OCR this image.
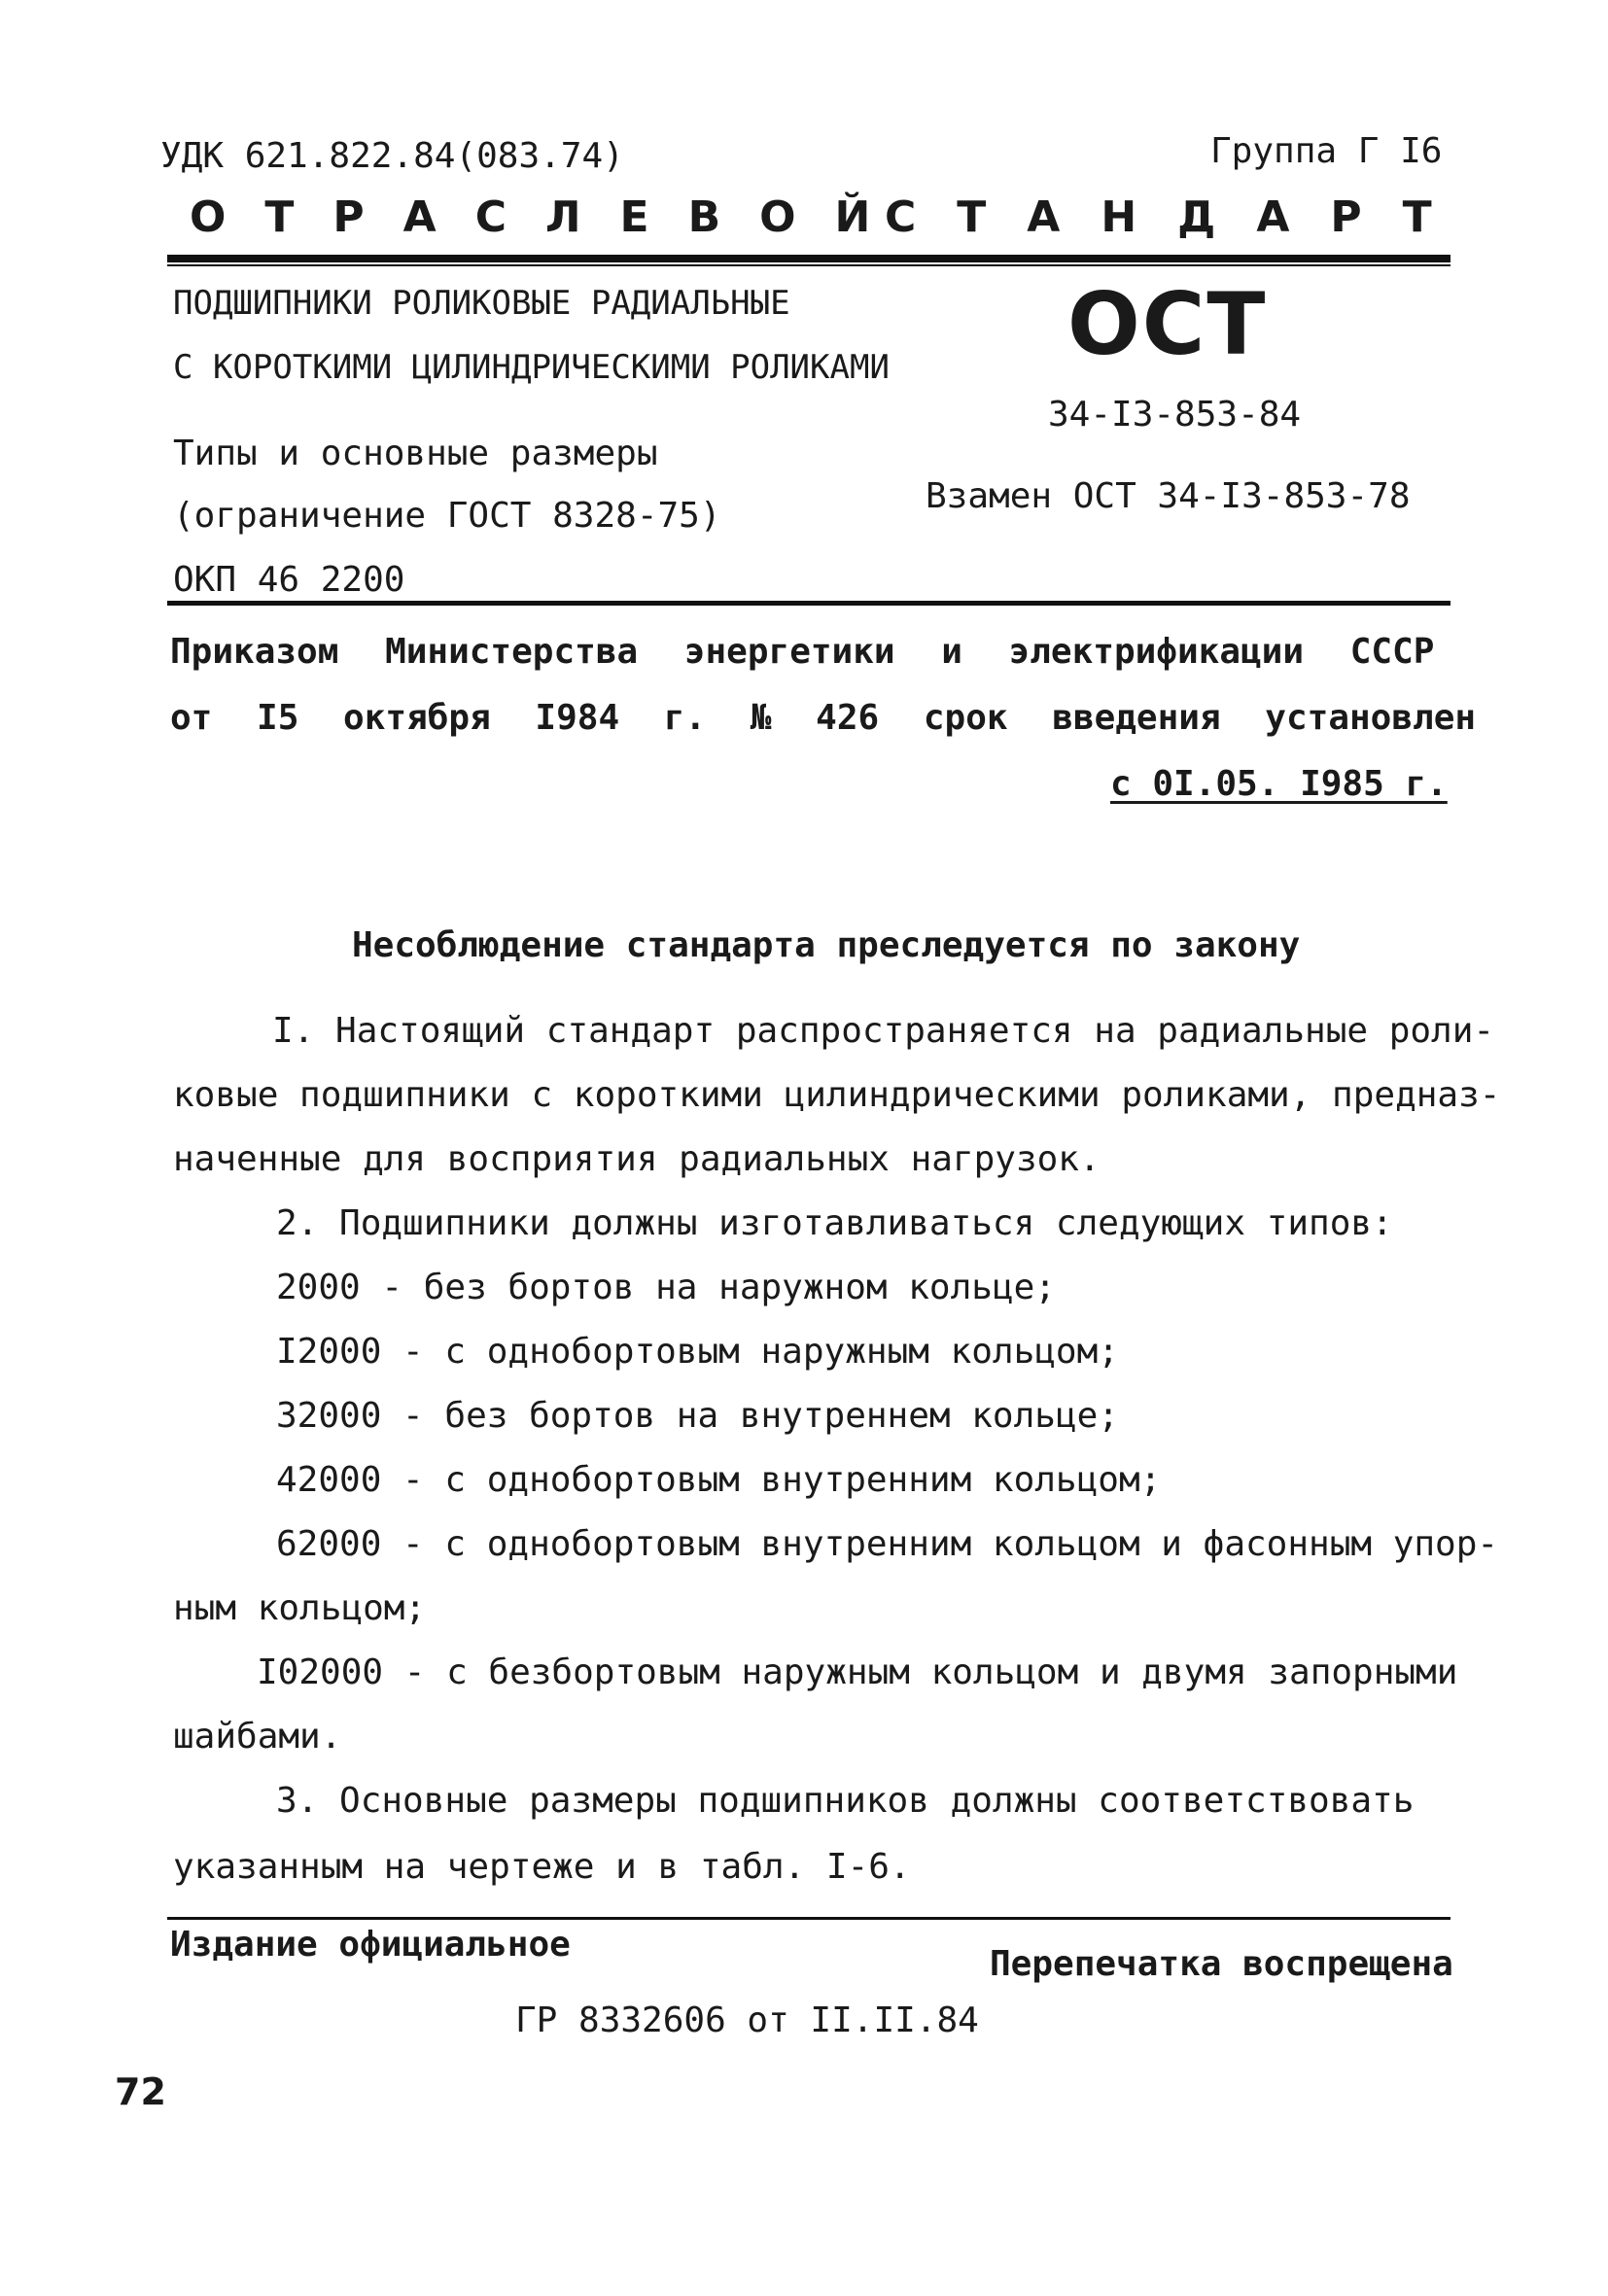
УДК 621.822.84(083.74)	Группа Г I6
ОТРАСЛЕВОЙ
СТАНДАРТ
ПОДШИПНИКИ РОЛИКОВЫЕ РАДИАЛЬНЫЕ
С КОРОТКИМИ ЦИЛИНДРИЧЕСКИМИ РОЛИКАМИ
Типы и основные размеры
(ограничение ГОСТ 8328-75)
ОКП 46 2200
ОСТ
34-I3-853-84
Взамен ОСТ 34-I3-853-78
Приказом Министерства энергетики и электрификации СССР
от I5 октября I984 г. № 426 срок введения установлен
с 0I.05. I985 г.
Несоблюдение стандарта преследуется по закону
I. Настоящий стандарт распространяется на радиальные роли-
ковые подшипники с короткими цилиндрическими роликами, предназ-
наченные для восприятия радиальных нагрузок.
2. Подшипники должны изготавливаться следующих типов:
2000 - без бортов на наружном кольце;
I2000 - с однобортовым наружным кольцом;
32000 - без бортов на внутреннем кольце;
42000 - с однобортовым внутренним кольцом;
62000 - с однобортовым внутренним кольцом и фасонным упор-
ным кольцом;
I02000 - с безбортовым наружным кольцом и двумя запорными
шайбами.
3. Основные размеры подшипников должны соответствовать
указанным на чертеже и в табл. I-6.
Издание официальное	Перепечатка воспрещена
ГР 8332606 от II.II.84
72
